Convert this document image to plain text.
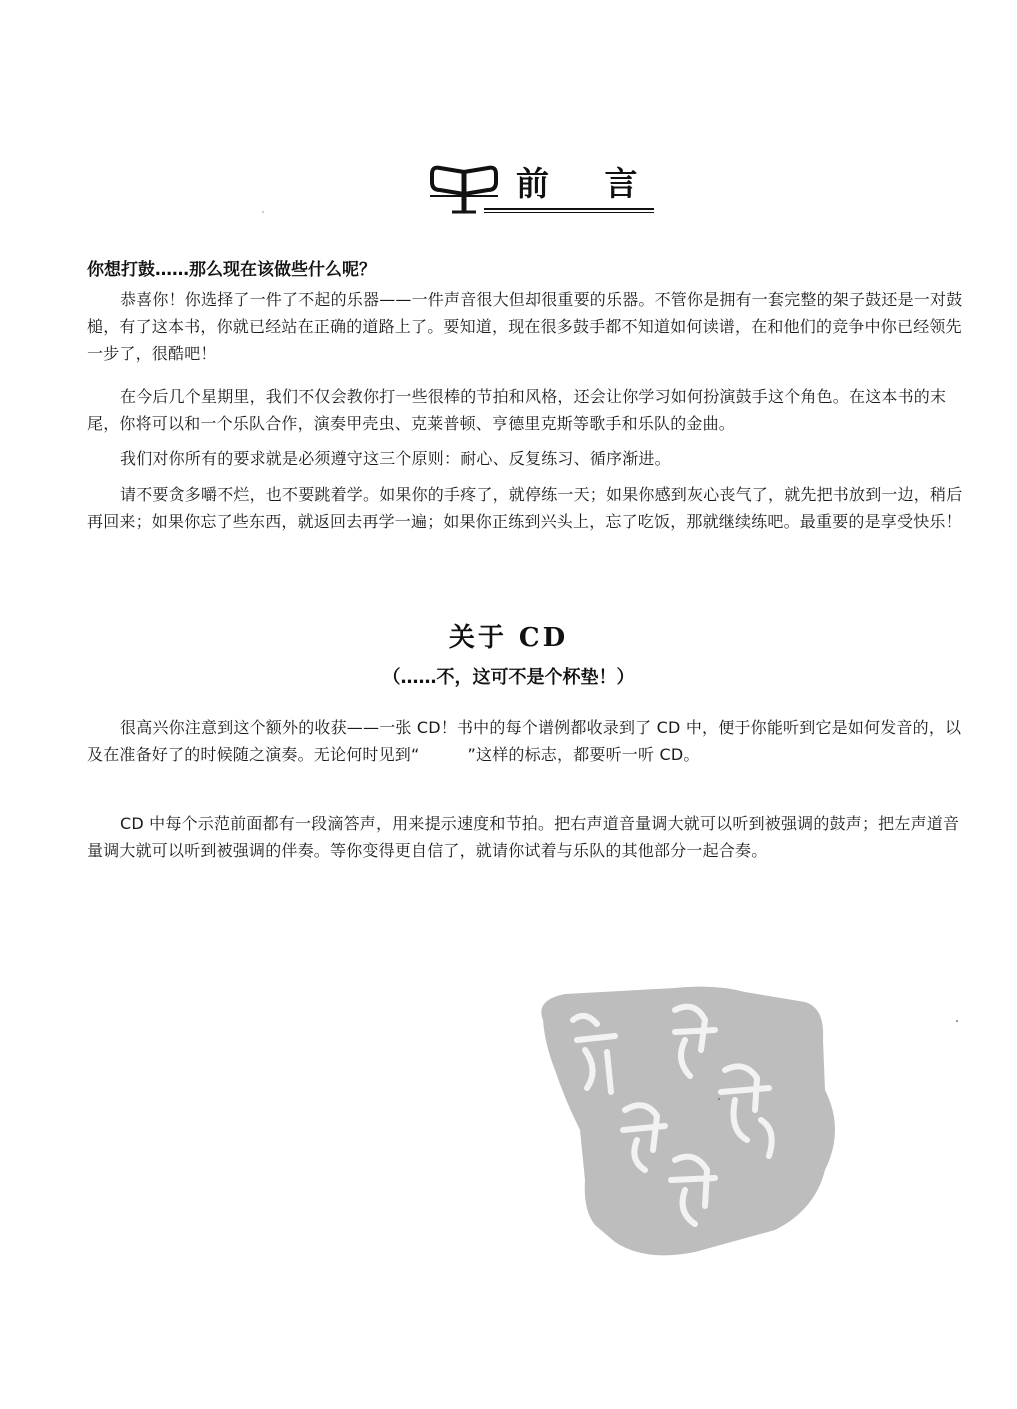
前 言
你想打鼓……那么现在该做些什么呢？
恭喜你！你选择了一件了不起的乐器——一件声音很大但却很重要的乐器。不管你是拥有一套完整的架子鼓还是一对鼓槌，有了这本书，你就已经站在正确的道路上了。要知道，现在很多鼓手都不知道如何读谱，在和他们的竞争中你已经领先一步了，很酷吧！
在今后几个星期里，我们不仅会教你打一些很棒的节拍和风格，还会让你学习如何扮演鼓手这个角色。在这本书的末尾，你将可以和一个乐队合作，演奏甲壳虫、克莱普顿、亨德里克斯等歌手和乐队的金曲。
我们对你所有的要求就是必须遵守这三个原则：耐心、反复练习、循序渐进。
请不要贪多嚼不烂，也不要跳着学。如果你的手疼了，就停练一天；如果你感到灰心丧气了，就先把书放到一边，稍后再回来；如果你忘了些东西，就返回去再学一遍；如果你正练到兴头上，忘了吃饭，那就继续练吧。最重要的是享受快乐！
关于 CD
（……不，这可不是个杯垫！）
很高兴你注意到这个额外的收获——一张 CD！书中的每个谱例都收录到了 CD 中，便于你能听到它是如何发音的，以及在准备好了的时候随之演奏。无论何时见到“	”这样的标志，都要听一听 CD。
CD 中每个示范前面都有一段滴答声，用来提示速度和节拍。把右声道音量调大就可以听到被强调的鼓声；把左声道音量调大就可以听到被强调的伴奏。等你变得更自信了，就请你试着与乐队的其他部分一起合奏。
